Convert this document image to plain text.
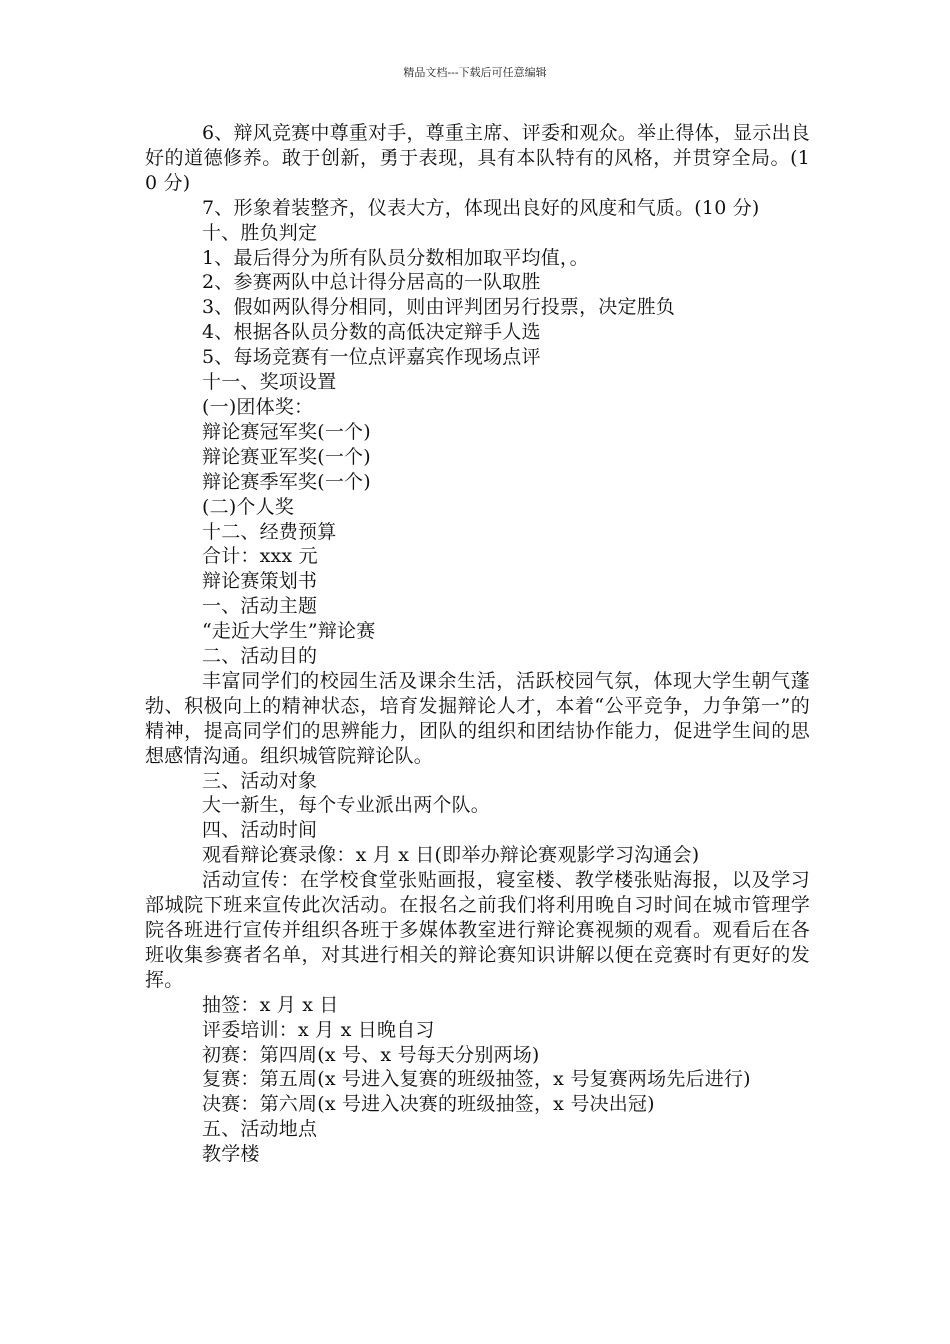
精品文档---下载后可任意编辑

6、辩风竞赛中尊重对手，尊重主席、评委和观众。举止得体，显示出良好的道德修养。敢于创新，勇于表现，具有本队特有的风格，并贯穿全局。(10 分)

7、形象着装整齐，仪表大方，体现出良好的风度和气质。(10 分)

十、胜负判定

1、最后得分为所有队员分数相加取平均值，。

2、参赛两队中总计得分居高的一队取胜

3、假如两队得分相同，则由评判团另行投票，决定胜负

4、根据各队员分数的高低决定辩手人选

5、每场竞赛有一位点评嘉宾作现场点评

十一、奖项设置

(一)团体奖：

辩论赛冠军奖(一个)

辩论赛亚军奖(一个)

辩论赛季军奖(一个)

(二)个人奖

十二、经费预算

合计：xxx 元

辩论赛策划书

一、活动主题

“走近大学生”辩论赛

二、活动目的

丰富同学们的校园生活及课余生活，活跃校园气氛，体现大学生朝气蓬勃、积极向上的精神状态，培育发掘辩论人才，本着“公平竞争，力争第一”的精神，提高同学们的思辨能力，团队的组织和团结协作能力，促进学生间的思想感情沟通。组织城管院辩论队。

三、活动对象

大一新生，每个专业派出两个队。

四、活动时间

观看辩论赛录像：x 月 x 日(即举办辩论赛观影学习沟通会)

活动宣传：在学校食堂张贴画报，寝室楼、教学楼张贴海报，以及学习部城院下班来宣传此次活动。在报名之前我们将利用晚自习时间在城市管理学院各班进行宣传并组织各班于多媒体教室进行辩论赛视频的观看。观看后在各班收集参赛者名单，对其进行相关的辩论赛知识讲解以便在竞赛时有更好的发挥。

抽签：x 月 x 日

评委培训：x 月 x 日晚自习

初赛：第四周(x 号、x 号每天分别两场)

复赛：第五周(x 号进入复赛的班级抽签，x 号复赛两场先后进行)

决赛：第六周(x 号进入决赛的班级抽签，x 号决出冠)

五、活动地点

教学楼
